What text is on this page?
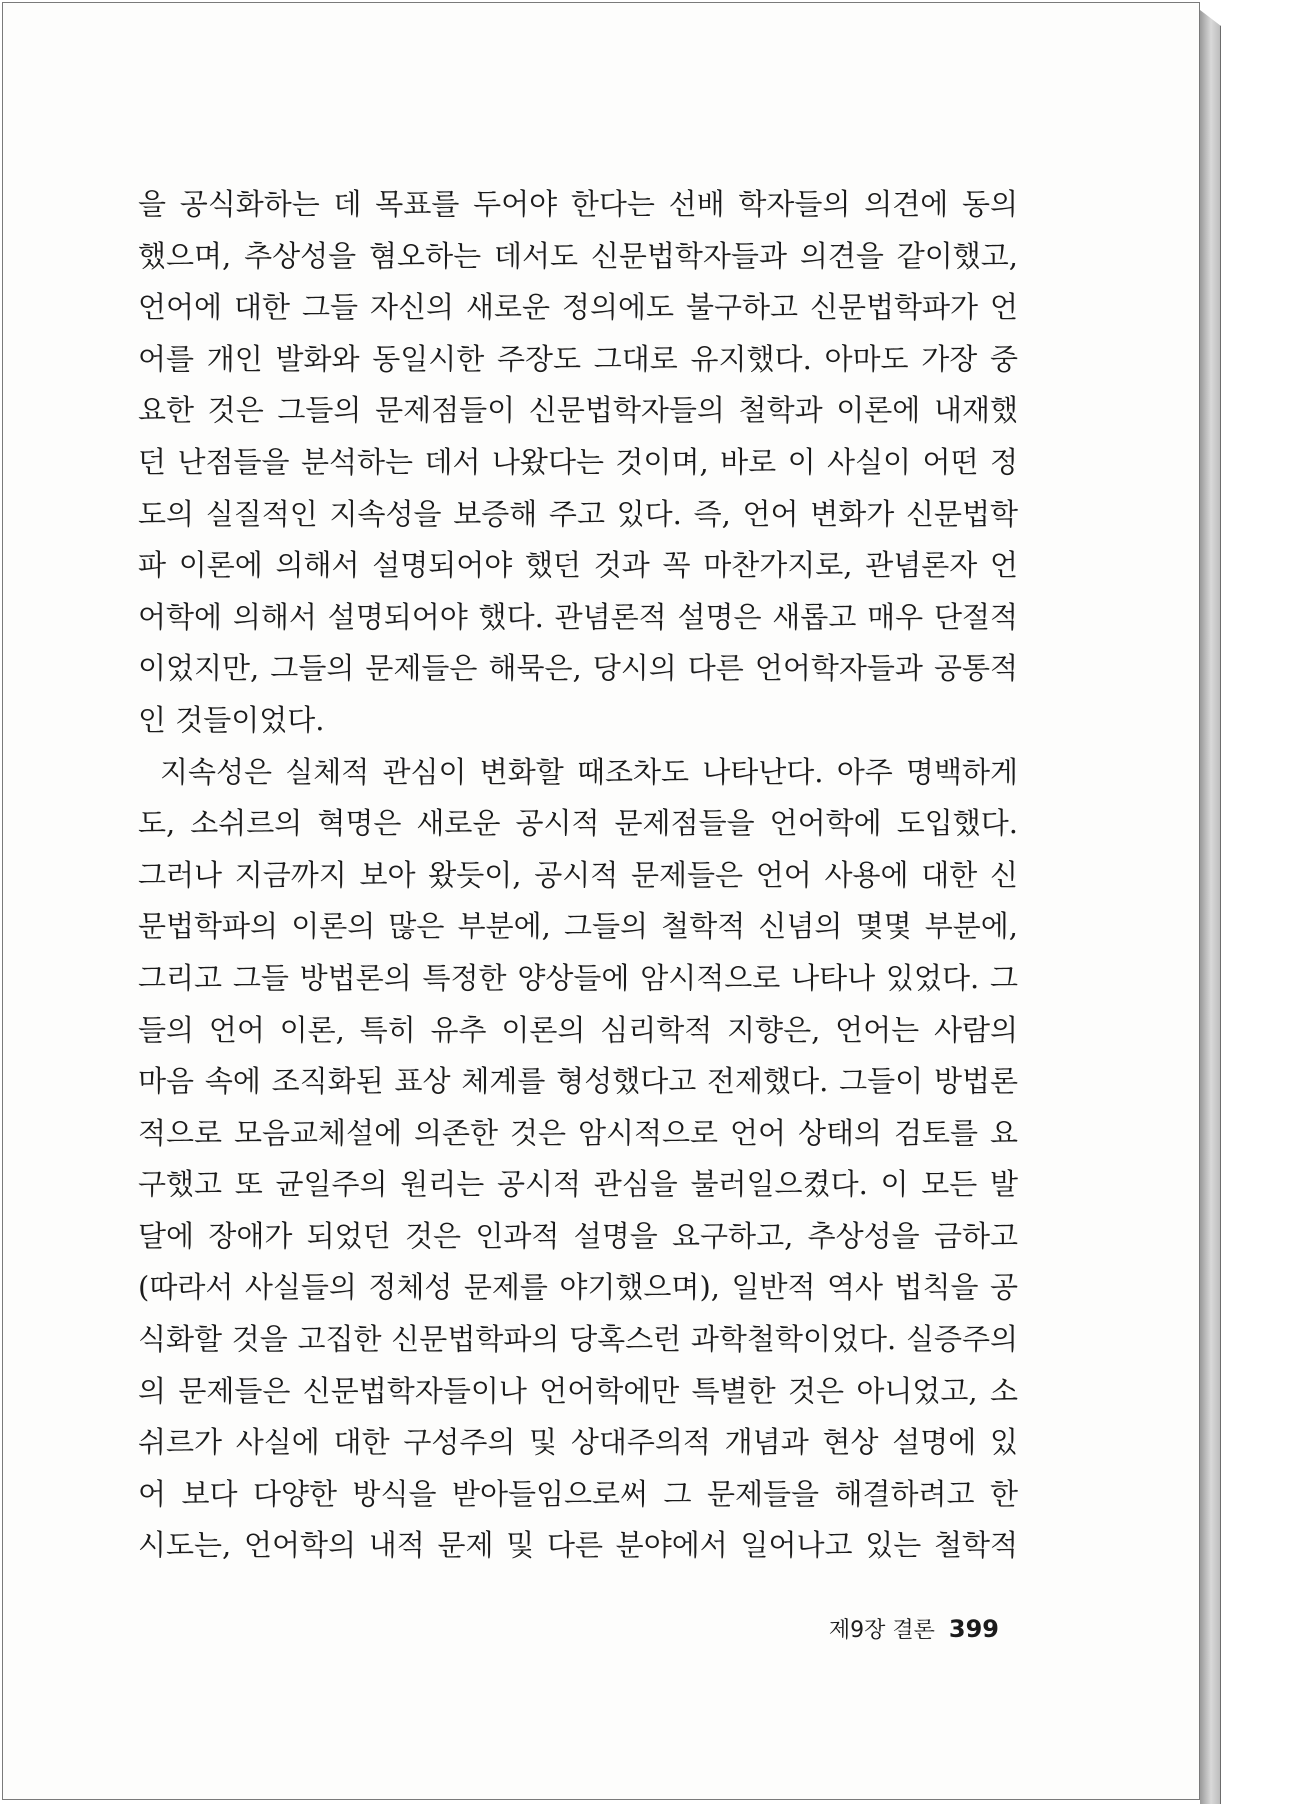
을 공식화하는 데 목표를 두어야 한다는 선배 학자들의 의견에 동의
했으며, 추상성을 혐오하는 데서도 신문법학자들과 의견을 같이했고,
언어에 대한 그들 자신의 새로운 정의에도 불구하고 신문법학파가 언
어를 개인 발화와 동일시한 주장도 그대로 유지했다. 아마도 가장 중
요한 것은 그들의 문제점들이 신문법학자들의 철학과 이론에 내재했
던 난점들을 분석하는 데서 나왔다는 것이며, 바로 이 사실이 어떤 정
도의 실질적인 지속성을 보증해 주고 있다. 즉, 언어 변화가 신문법학
파 이론에 의해서 설명되어야 했던 것과 꼭 마찬가지로, 관념론자 언
어학에 의해서 설명되어야 했다. 관념론적 설명은 새롭고 매우 단절적
이었지만, 그들의 문제들은 해묵은, 당시의 다른 언어학자들과 공통적
인 것들이었다.
지속성은 실체적 관심이 변화할 때조차도 나타난다. 아주 명백하게
도, 소쉬르의 혁명은 새로운 공시적 문제점들을 언어학에 도입했다.
그러나 지금까지 보아 왔듯이, 공시적 문제들은 언어 사용에 대한 신
문법학파의 이론의 많은 부분에, 그들의 철학적 신념의 몇몇 부분에,
그리고 그들 방법론의 특정한 양상들에 암시적으로 나타나 있었다. 그
들의 언어 이론, 특히 유추 이론의 심리학적 지향은, 언어는 사람의
마음 속에 조직화된 표상 체계를 형성했다고 전제했다. 그들이 방법론
적으로 모음교체설에 의존한 것은 암시적으로 언어 상태의 검토를 요
구했고 또 균일주의 원리는 공시적 관심을 불러일으켰다. 이 모든 발
달에 장애가 되었던 것은 인과적 설명을 요구하고, 추상성을 금하고
(따라서 사실들의 정체성 문제를 야기했으며), 일반적 역사 법칙을 공
식화할 것을 고집한 신문법학파의 당혹스런 과학철학이었다. 실증주의
의 문제들은 신문법학자들이나 언어학에만 특별한 것은 아니었고, 소
쉬르가 사실에 대한 구성주의 및 상대주의적 개념과 현상 설명에 있
어 보다 다양한 방식을 받아들임으로써 그 문제들을 해결하려고 한
시도는, 언어학의 내적 문제 및 다른 분야에서 일어나고 있는 철학적
제9장 결론 399
